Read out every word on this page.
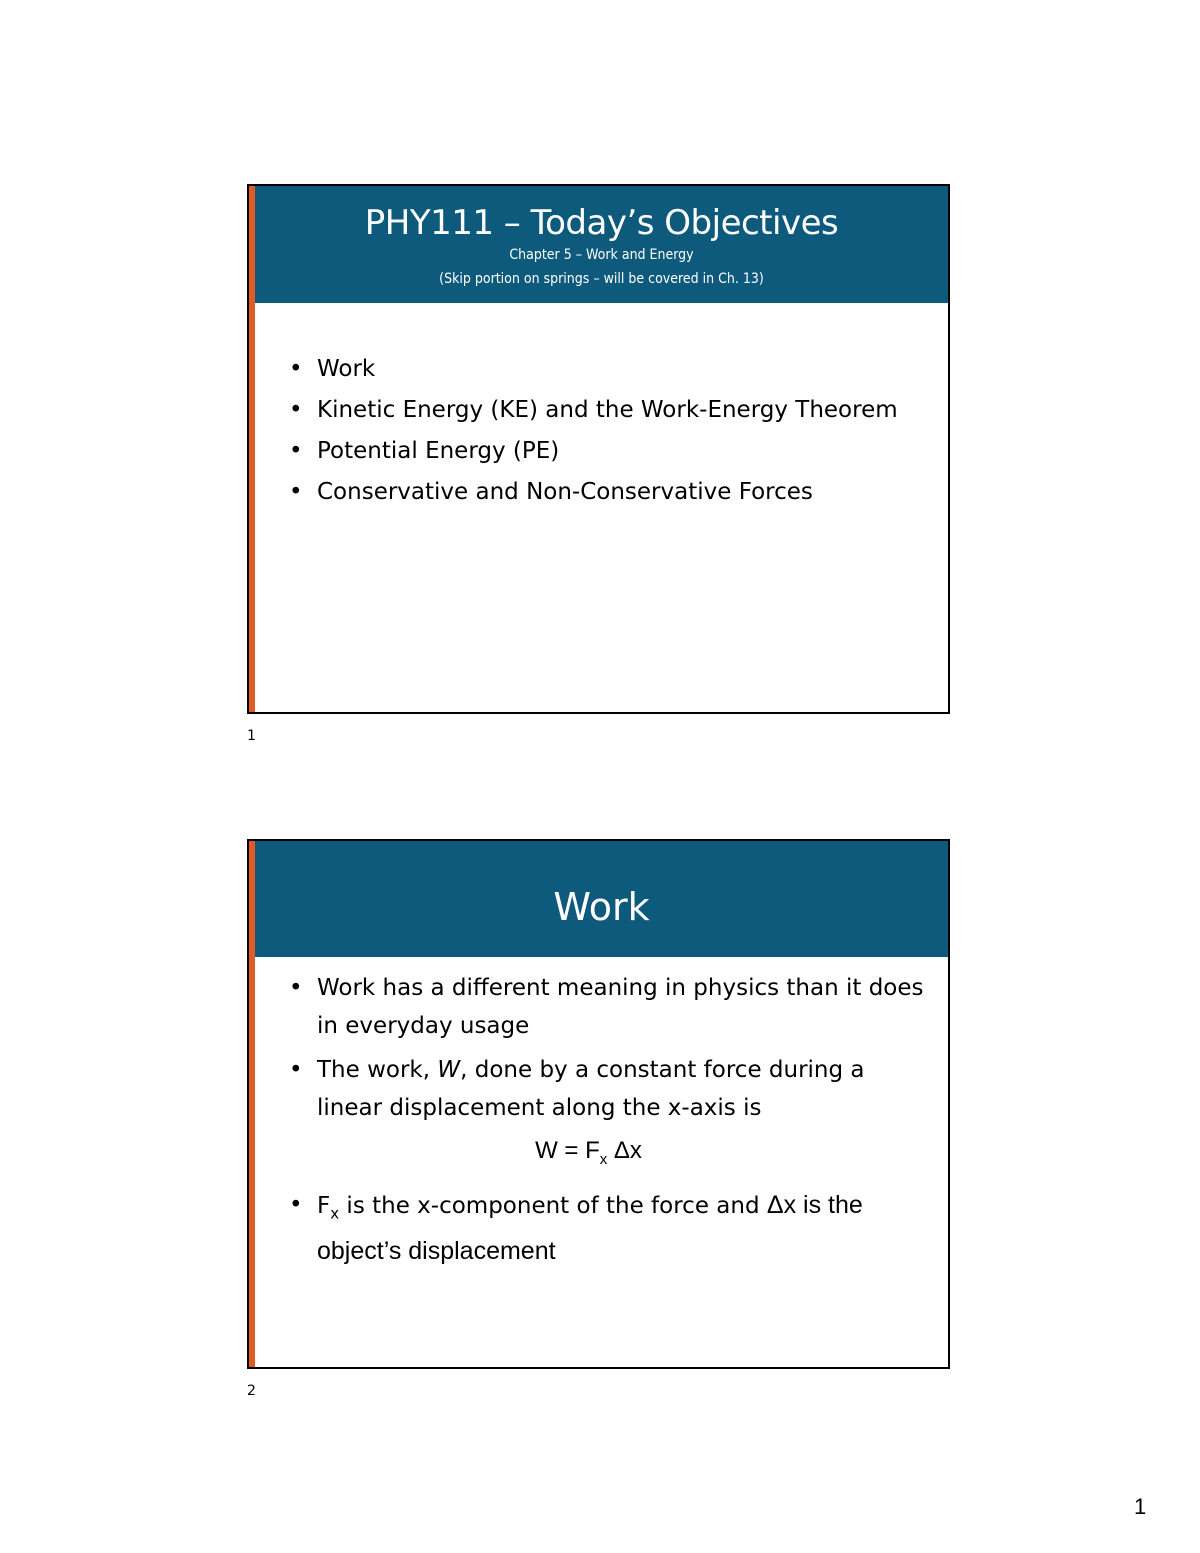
PHY111 – Today’s Objectives
Chapter 5 – Work and Energy
(Skip portion on springs – will be covered in Ch. 13)
• Work
• Kinetic Energy (KE) and the Work-Energy Theorem
• Potential Energy (PE)
• Conservative and Non-Conservative Forces
1
Work
• Work has a different meaning in physics than it does in everyday usage
• The work, W, done by a constant force during a linear displacement along the x-axis is
$W = F_x$ Δx
• $F_x$ is the x-component of the force and Δx is the object’s displacement
2
1
